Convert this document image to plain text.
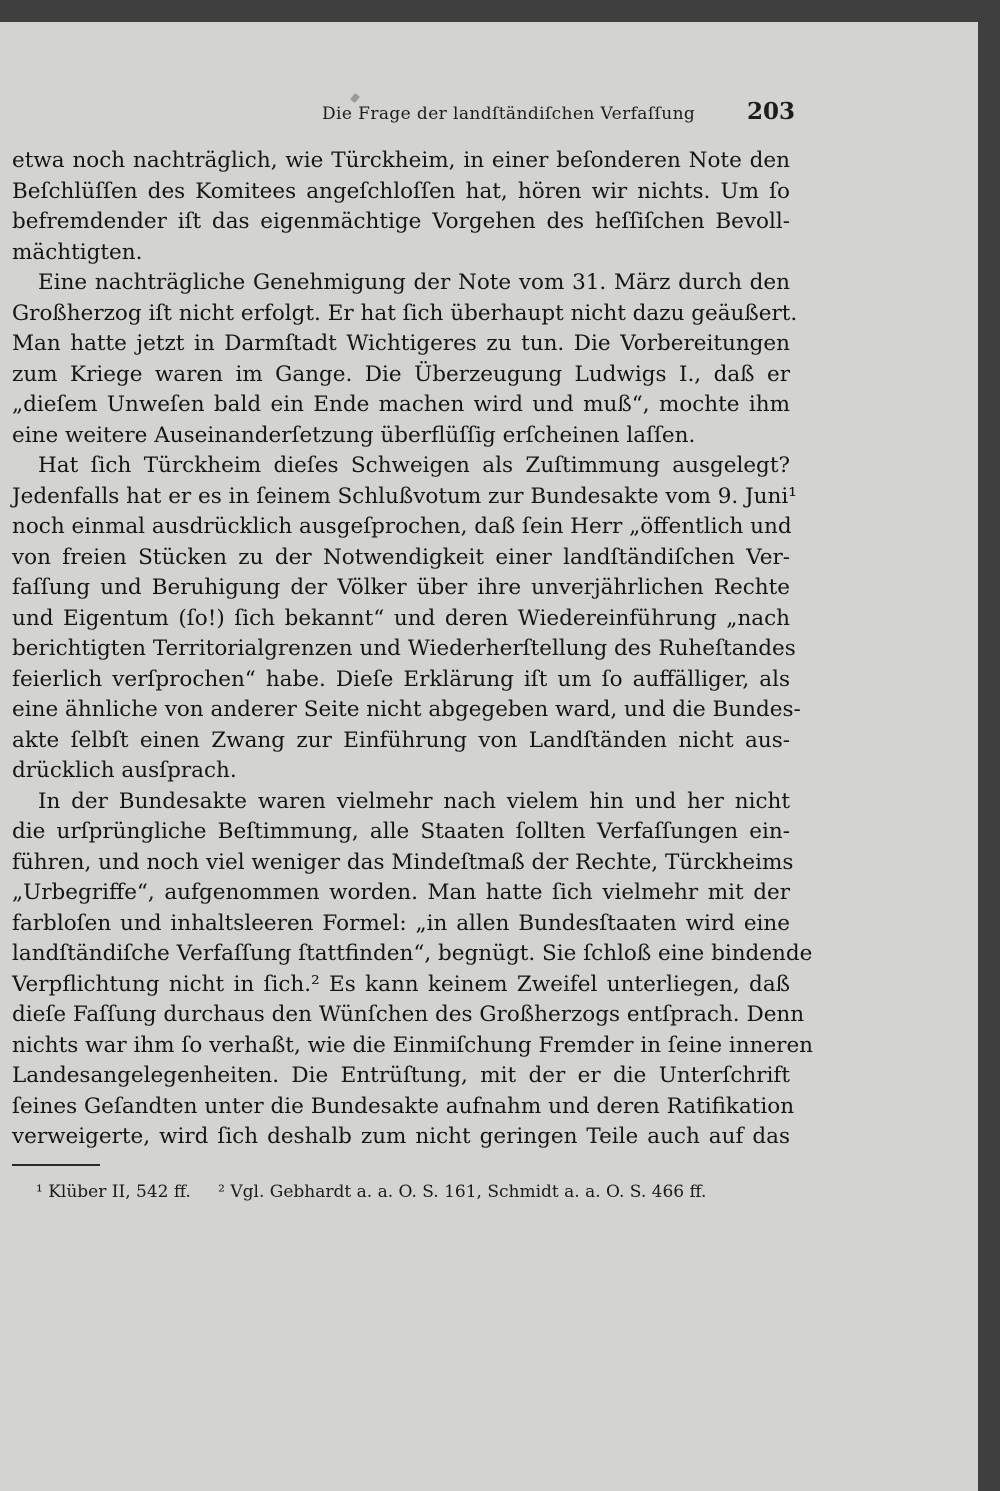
Die Frage der landſtändiſchen Verfaſſung 203
etwa noch nachträglich, wie Türckheim, in einer beſonderen Note den
Beſchlüſſen des Komitees angeſchloſſen hat, hören wir nichts. Um ſo
befremdender iſt das eigenmächtige Vorgehen des heſſiſchen Bevoll-
mächtigten.
Eine nachträgliche Genehmigung der Note vom 31. März durch den
Großherzog iſt nicht erfolgt. Er hat ſich überhaupt nicht dazu geäußert.
Man hatte jetzt in Darmſtadt Wichtigeres zu tun. Die Vorbereitungen
zum Kriege waren im Gange. Die Überzeugung Ludwigs I., daß er
„dieſem Unweſen bald ein Ende machen wird und muß“, mochte ihm
eine weitere Auseinanderſetzung überflüſſig erſcheinen laſſen.
Hat ſich Türckheim dieſes Schweigen als Zuſtimmung ausgelegt?
Jedenfalls hat er es in ſeinem Schlußvotum zur Bundesakte vom 9. Juni¹
noch einmal ausdrücklich ausgeſprochen, daß ſein Herr „öffentlich und
von freien Stücken zu der Notwendigkeit einer landſtändiſchen Ver-
faſſung und Beruhigung der Völker über ihre unverjährlichen Rechte
und Eigentum (ſo!) ſich bekannt“ und deren Wiedereinführung „nach
berichtigten Territorialgrenzen und Wiederherſtellung des Ruheſtandes
feierlich verſprochen“ habe. Dieſe Erklärung iſt um ſo auffälliger, als
eine ähnliche von anderer Seite nicht abgegeben ward, und die Bundes-
akte ſelbſt einen Zwang zur Einführung von Landſtänden nicht aus-
drücklich ausſprach.
In der Bundesakte waren vielmehr nach vielem hin und her nicht
die urſprüngliche Beſtimmung, alle Staaten ſollten Verfaſſungen ein-
führen, und noch viel weniger das Mindeſtmaß der Rechte, Türckheims
„Urbegriffe“, aufgenommen worden. Man hatte ſich vielmehr mit der
farbloſen und inhaltsleeren Formel: „in allen Bundesſtaaten wird eine
landſtändiſche Verfaſſung ſtattfinden“, begnügt. Sie ſchloß eine bindende
Verpflichtung nicht in ſich.² Es kann keinem Zweifel unterliegen, daß
dieſe Faſſung durchaus den Wünſchen des Großherzogs entſprach. Denn
nichts war ihm ſo verhaßt, wie die Einmiſchung Fremder in ſeine inneren
Landesangelegenheiten. Die Entrüſtung, mit der er die Unterſchrift
ſeines Geſandten unter die Bundesakte aufnahm und deren Ratifikation
verweigerte, wird ſich deshalb zum nicht geringen Teile auch auf das
¹ Klüber II, 542 ff. ² Vgl. Gebhardt a. a. O. S. 161, Schmidt a. a. O. S. 466 ff.
